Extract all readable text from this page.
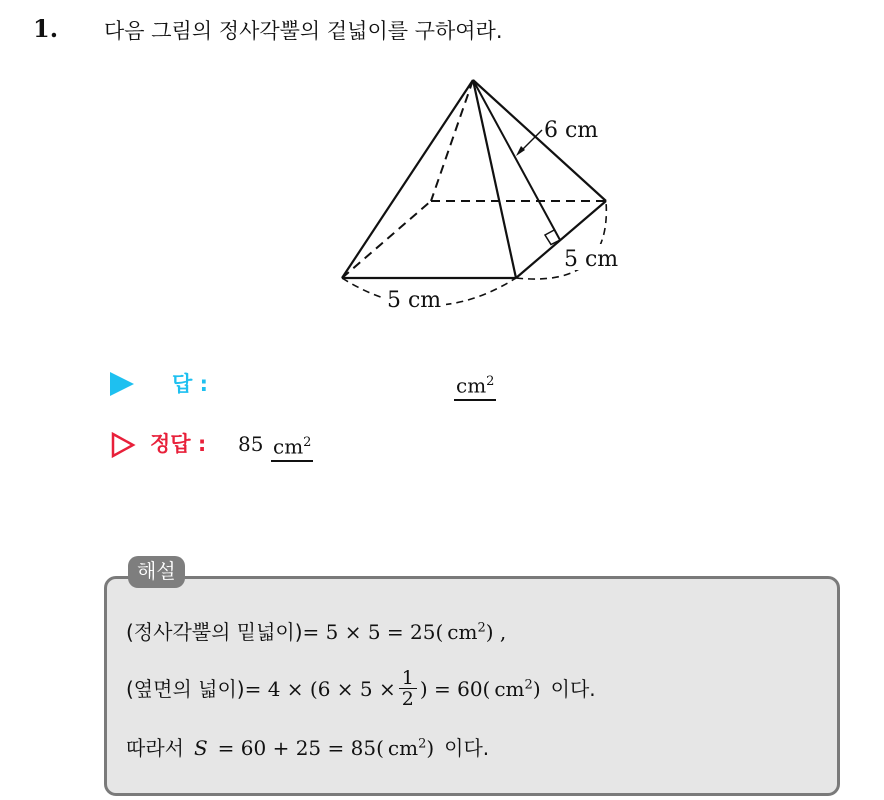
1. 다음 그림의 정사각뿔의 겉넓이를 구하여라.
6 cm
5 cm
5 cm
답 :	$cm^2$
정답 : 85 $cm^2$
해설
(정사각뿔의 밑넓이)= 5 × 5 = 25(  $cm^2$) ,
(옆면의 넓이)= $4 \times (6 \times 5 \times \frac{1}{2}$ ) = 60(  $cm^2$)  이다.
따라서  S  = 60 + 25 = 85(  $cm^2$)  이다.
